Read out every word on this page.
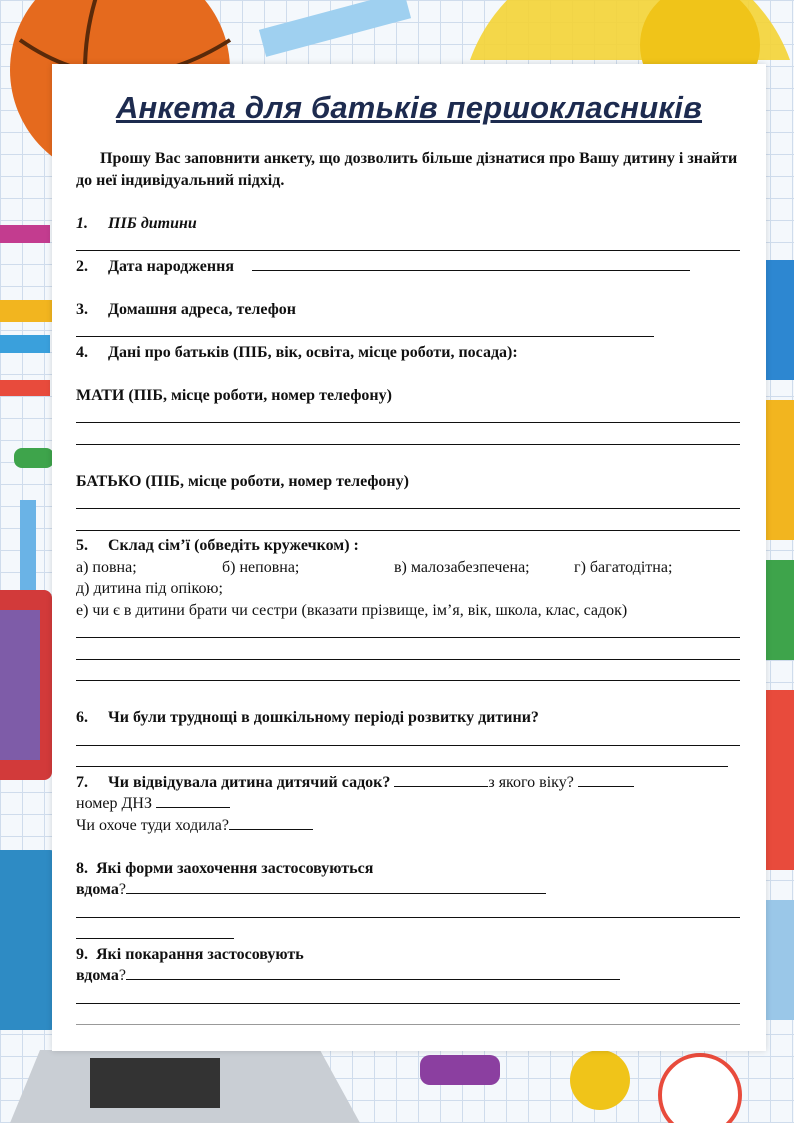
Анкета для батьків першокласників

Прошу Вас заповнити анкету, що дозволить більше дізнатися про Вашу дитину і знайти до неї індивідуальний підхід.

1. ПІБ дитини
2. Дата народження
3. Домашня адреса, телефон
4. Дані про батьків (ПІБ, вік, освіта, місце роботи, посада):
МАТИ (ПІБ, місце роботи, номер телефону)
БАТЬКО (ПІБ, місце роботи, номер телефону)
5. Склад сім’ї (обведіть кружечком) :
а) повна;	б) неповна;	в) малозабезпечена;	г) багатодітна;
д) дитина під опікою;
е) чи є в дитини брати чи сестри (вказати прізвище, ім’я, вік, школа, клас, садок)
6. Чи були труднощі в дошкільному періоді розвитку дитини?
7. Чи відвідувала дитина дитячий садок?	з якого віку?
номер ДНЗ
Чи охоче туди ходила?
8. Які форми заохочення застосовуються
вдома?
9. Які покарання застосовують
вдома?
